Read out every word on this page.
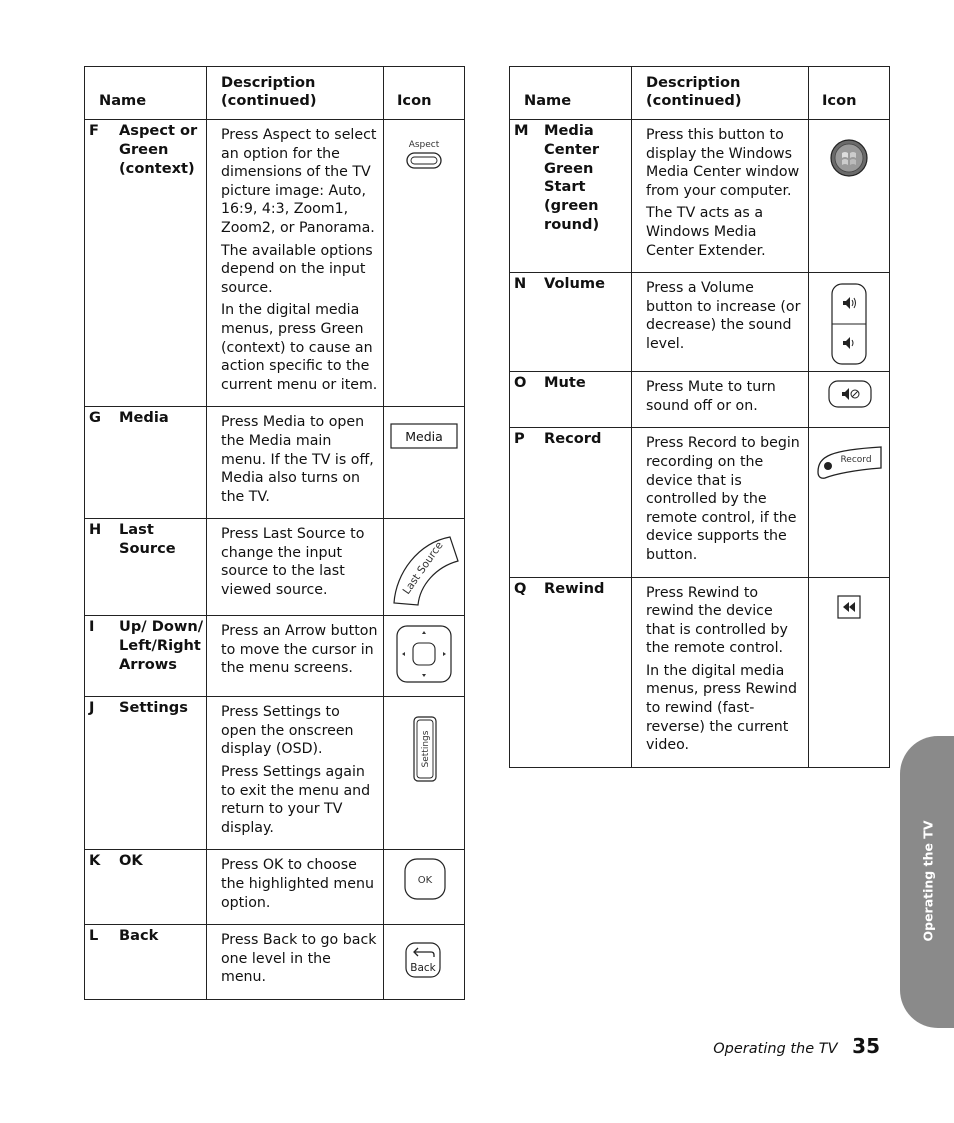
Name	Description (continued)	Icon
F Aspect or Green (context)	Press Aspect to select an option for the dimensions of the TV picture image: Auto, 16:9, 4:3, Zoom1, Zoom2, or Panorama.

The available options depend on the input source.

In the digital media menus, press Green (context) to cause an action specific to the current menu or item.	Aspect

G Media	Press Media to open the Media main menu. If the TV is off, Media also turns on the TV.	Media

H Last Source	Press Last Source to change the input source to the last viewed source.	Last Source

I Up/ Down/ Left/Right Arrows	Press an Arrow button to move the cursor in the menu screens.

J Settings	Press Settings to open the onscreen display (OSD).

Press Settings again to exit the menu and return to your TV display.	Settings

K OK	Press OK to choose the highlighted menu option.	OK

L Back	Press Back to go back one level in the menu.	Back
Name	Description (continued)	Icon
M Media Center Green Start (green round)	Press this button to display the Windows Media Center window from your computer.

The TV acts as a Windows Media Center Extender.

N Volume	Press a Volume button to increase (or decrease) the sound level.

O Mute	Press Mute to turn sound off or on.

P Record	Press Record to begin recording on the device that is controlled by the remote control, if the device supports the button.	Record

Q Rewind	Press Rewind to rewind the device that is controlled by the remote control.

In the digital media menus, press Rewind to rewind (fast-reverse) the current video.

Operating the TV
Operating the TV 35
